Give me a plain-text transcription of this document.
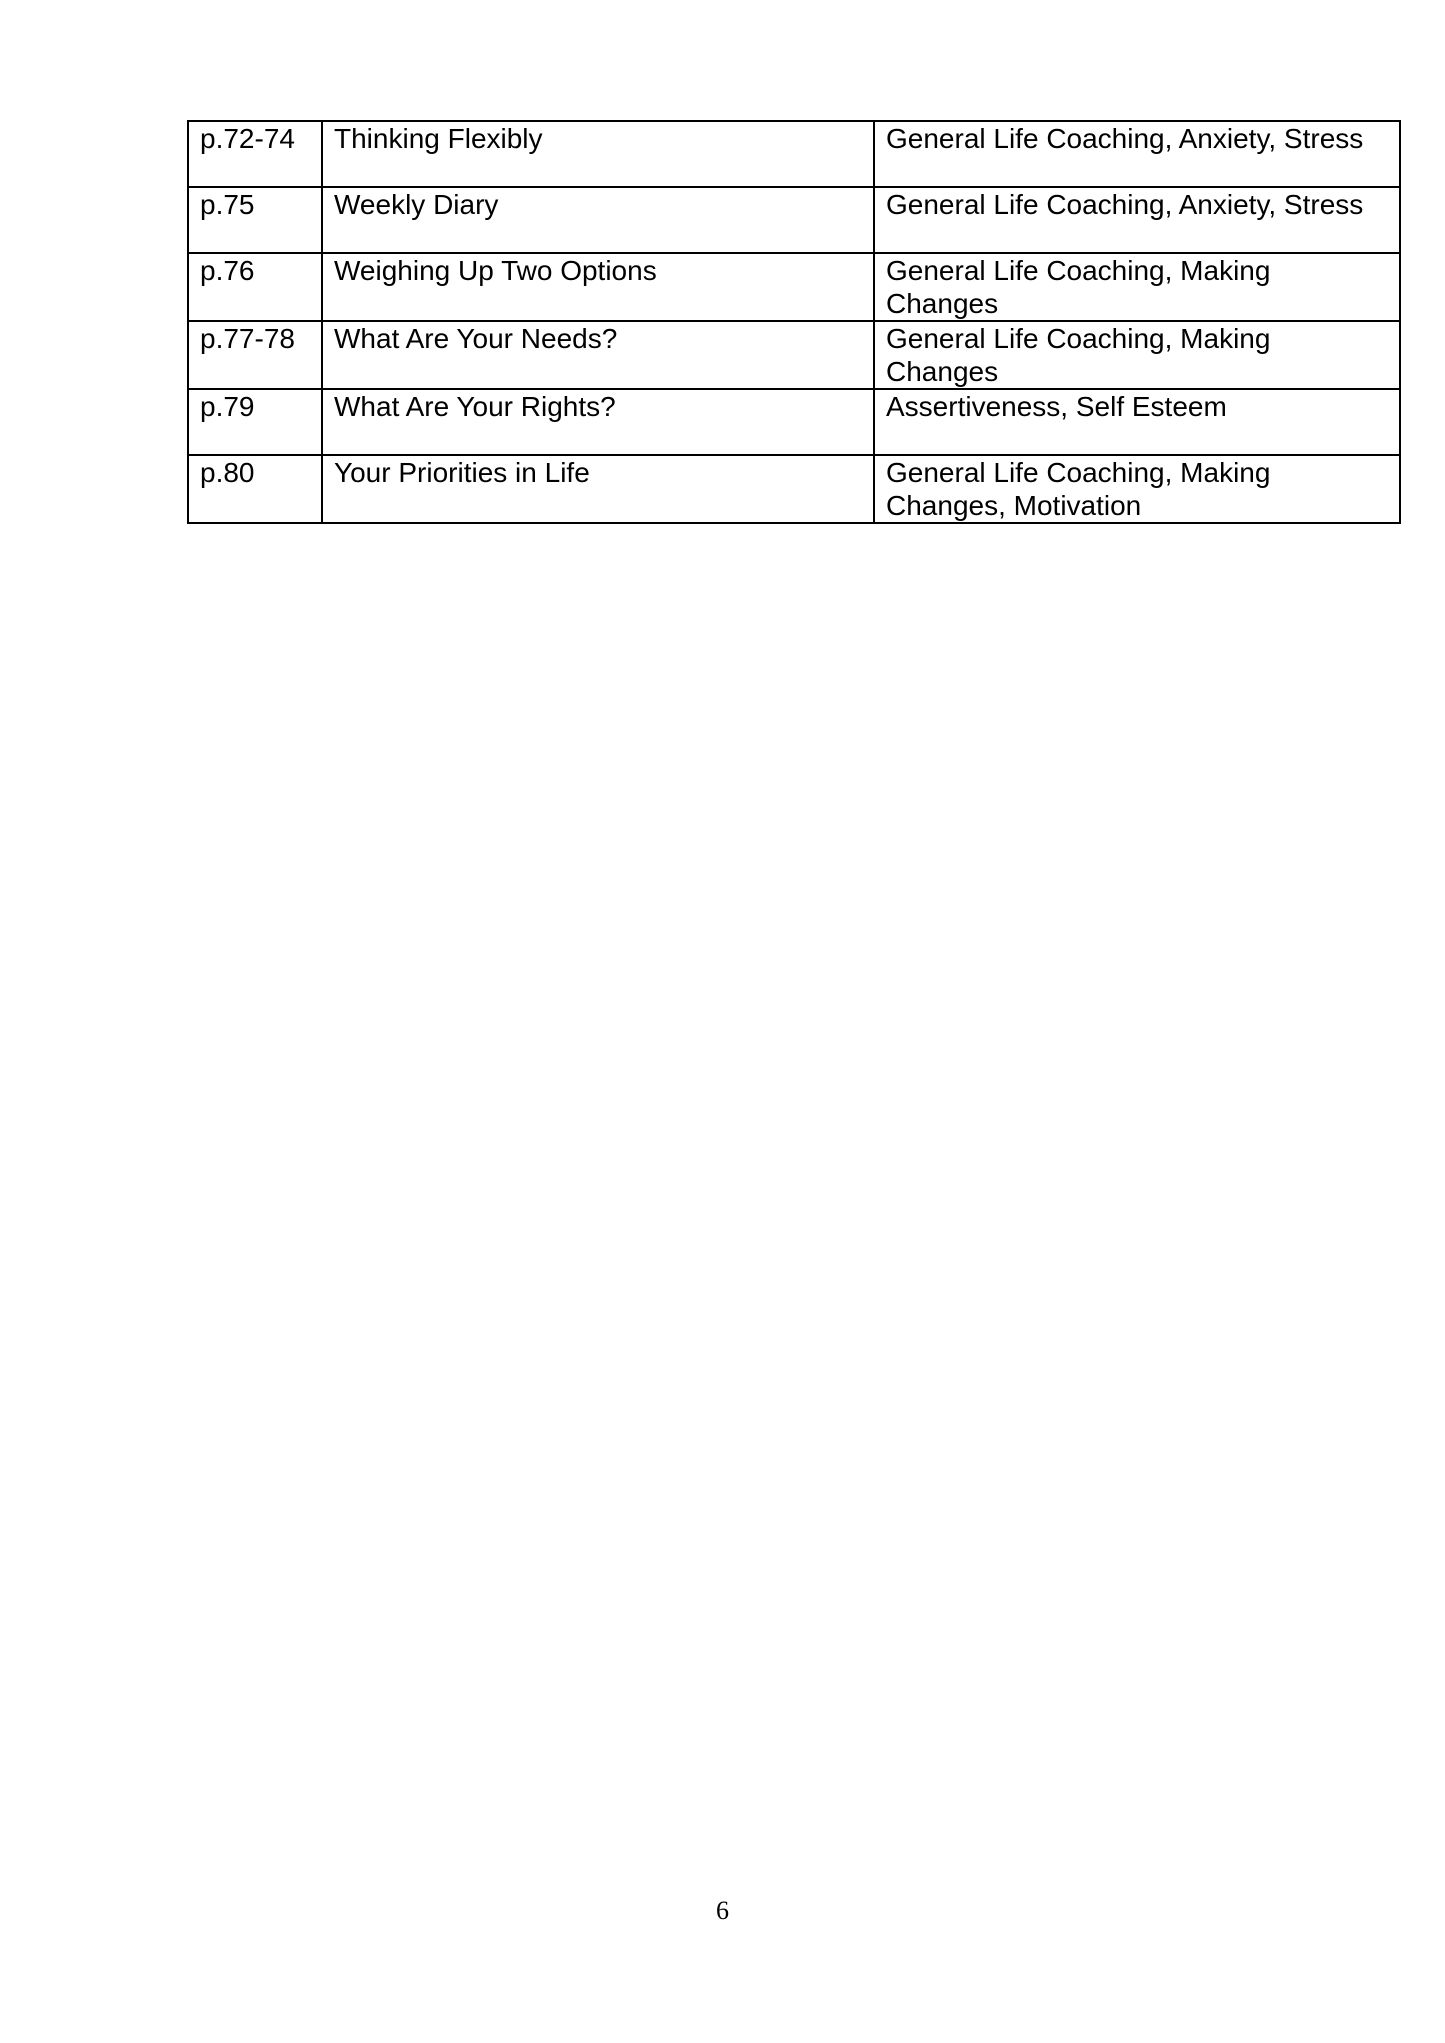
p.72-74	Thinking Flexibly	General Life Coaching, Anxiety, Stress
p.75	Weekly Diary	General Life Coaching, Anxiety, Stress
p.76	Weighing Up Two Options	General Life Coaching, Making Changes
p.77-78	What Are Your Needs?	General Life Coaching, Making Changes
p.79	What Are Your Rights?	Assertiveness, Self Esteem
p.80	Your Priorities in Life	General Life Coaching, Making Changes, Motivation
6
